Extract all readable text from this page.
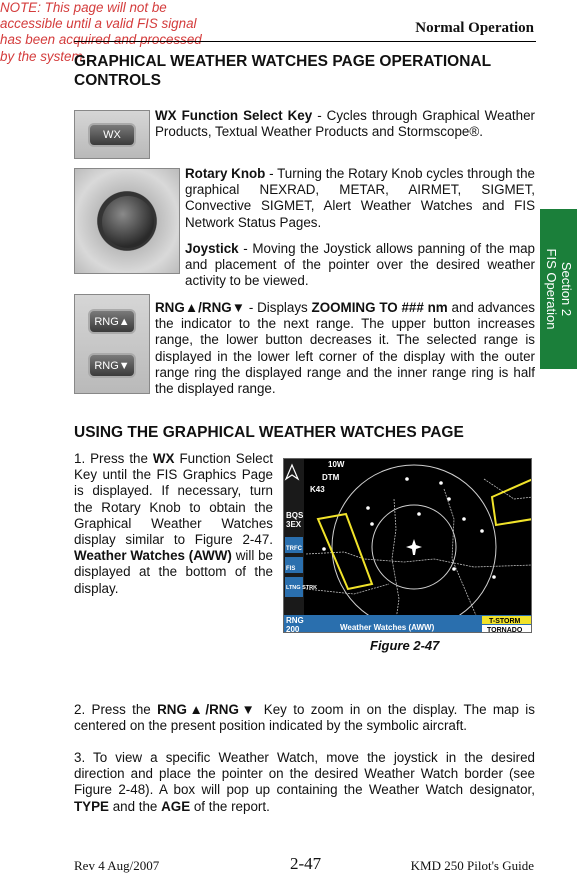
Normal Operation
Section 2
FIS Operation
GRAPHICAL WEATHER WATCHES PAGE OPERATIONAL CONTROLS
WX
WX Function Select Key - Cycles through Graphical Weather Products, Textual Weather Products and Stormscope®.
Rotary Knob - Turning the Rotary Knob cycles through the graphical NEXRAD, METAR, AIRMET, SIGMET, Convective SIGMET, Alert Weather Watches and FIS Network Status Pages.
Joystick - Moving the Joystick allows panning of the map and placement of the pointer over the desired weather activity to be viewed.
RNG▲
RNG▼
RNG▲/RNG▼ - Displays ZOOMING TO ### nm and advances the indicator to the next range. The upper button increases range, the lower button decreases it. The selected range is displayed in the lower left corner of the display with the outer range ring the displayed range and the inner range ring is half the displayed range.
USING THE GRAPHICAL WEATHER WATCHES PAGE
1. Press the WX Function Select Key until the FIS Graphics Page is displayed. If necessary, turn the Rotary Knob to obtain the Graphical Weather Watches display similar to Figure 2-47. Weather Watches (AWW) will be displayed at the bottom of the display.
NOTE: This page will not be accessible until a valid FIS signal has been acquired and processed by the system.
10W
DTM
K43
BQS
3EX
TRFC
FIS
LTNG STRK
RNG
200	Weather Watches (AWW)
T-STORM
TORNADO
Figure 2-47
2. Press the RNG▲/RNG▼ Key to zoom in on the display. The map is centered on the present position indicated by the symbolic aircraft.
3. To view a specific Weather Watch, move the joystick in the desired direction and place the pointer on the desired Weather Watch border (see Figure 2-48). A box will pop up containing the Weather Watch designator, TYPE and the AGE of the report.
Rev 4 Aug/2007	2-47	KMD 250 Pilot's Guide
